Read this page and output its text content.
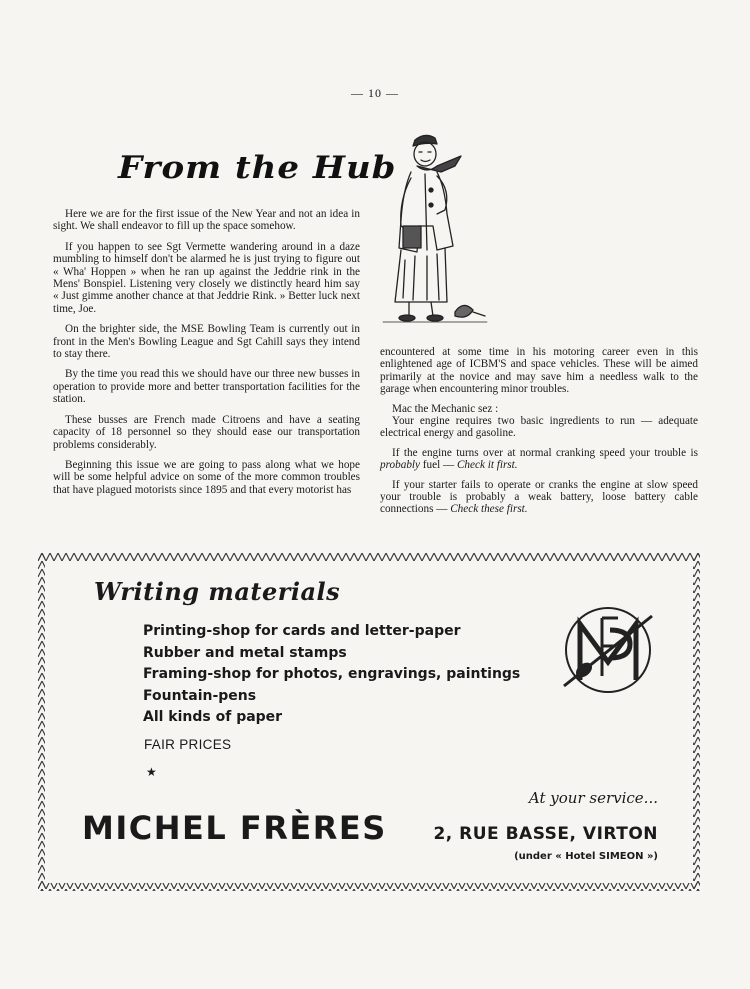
— 10 —
From the Hub

Here we are for the first issue of the New Year and not an idea in sight. We shall endeavor to fill up the space somehow.

If you happen to see Sgt Vermette wandering around in a daze mumbling to himself don't be alarmed he is just trying to figure out « Wha' Hoppen » when he ran up against the Jeddrie rink in the Mens' Bonspiel. Listening very closely we distinctly heard him say « Just gimme another chance at that Jeddrie Rink. » Better luck next time, Joe.

On the brighter side, the MSE Bowling Team is currently out in front in the Men's Bowling League and Sgt Cahill says they intend to stay there.

By the time you read this we should have our three new busses in operation to provide more and better transportation facilities for the station.

These busses are French made Citroens and have a seating capacity of 18 personnel so they should ease our transportation problems considerably.

Beginning this issue we are going to pass along what we hope will be some helpful advice on some of the more common troubles that have plagued motorists since 1895 and that every motorist has

encountered at some time in his motoring career even in this enlightened age of ICBM'S and space vehicles. These will be aimed primarily at the novice and may save him a needless walk to the garage when encountering minor troubles.

Mac the Mechanic sez :

Your engine requires two basic ingredients to run — adequate electrical energy and gasoline.

If the engine turns over at normal cranking speed your trouble is probably fuel — Check it first.

If your starter fails to operate or cranks the engine at slow speed your trouble is probably a weak battery, loose battery cable connections — Check these first.

Writing materials
Printing-shop for cards and letter-paper
Rubber and metal stamps
Framing-shop for photos, engravings, paintings
Fountain-pens
All kinds of paper
FAIR PRICES
★
At your service...
MICHEL FRÈRES	2, RUE BASSE, VIRTON
(under « Hotel SIMEON »)
